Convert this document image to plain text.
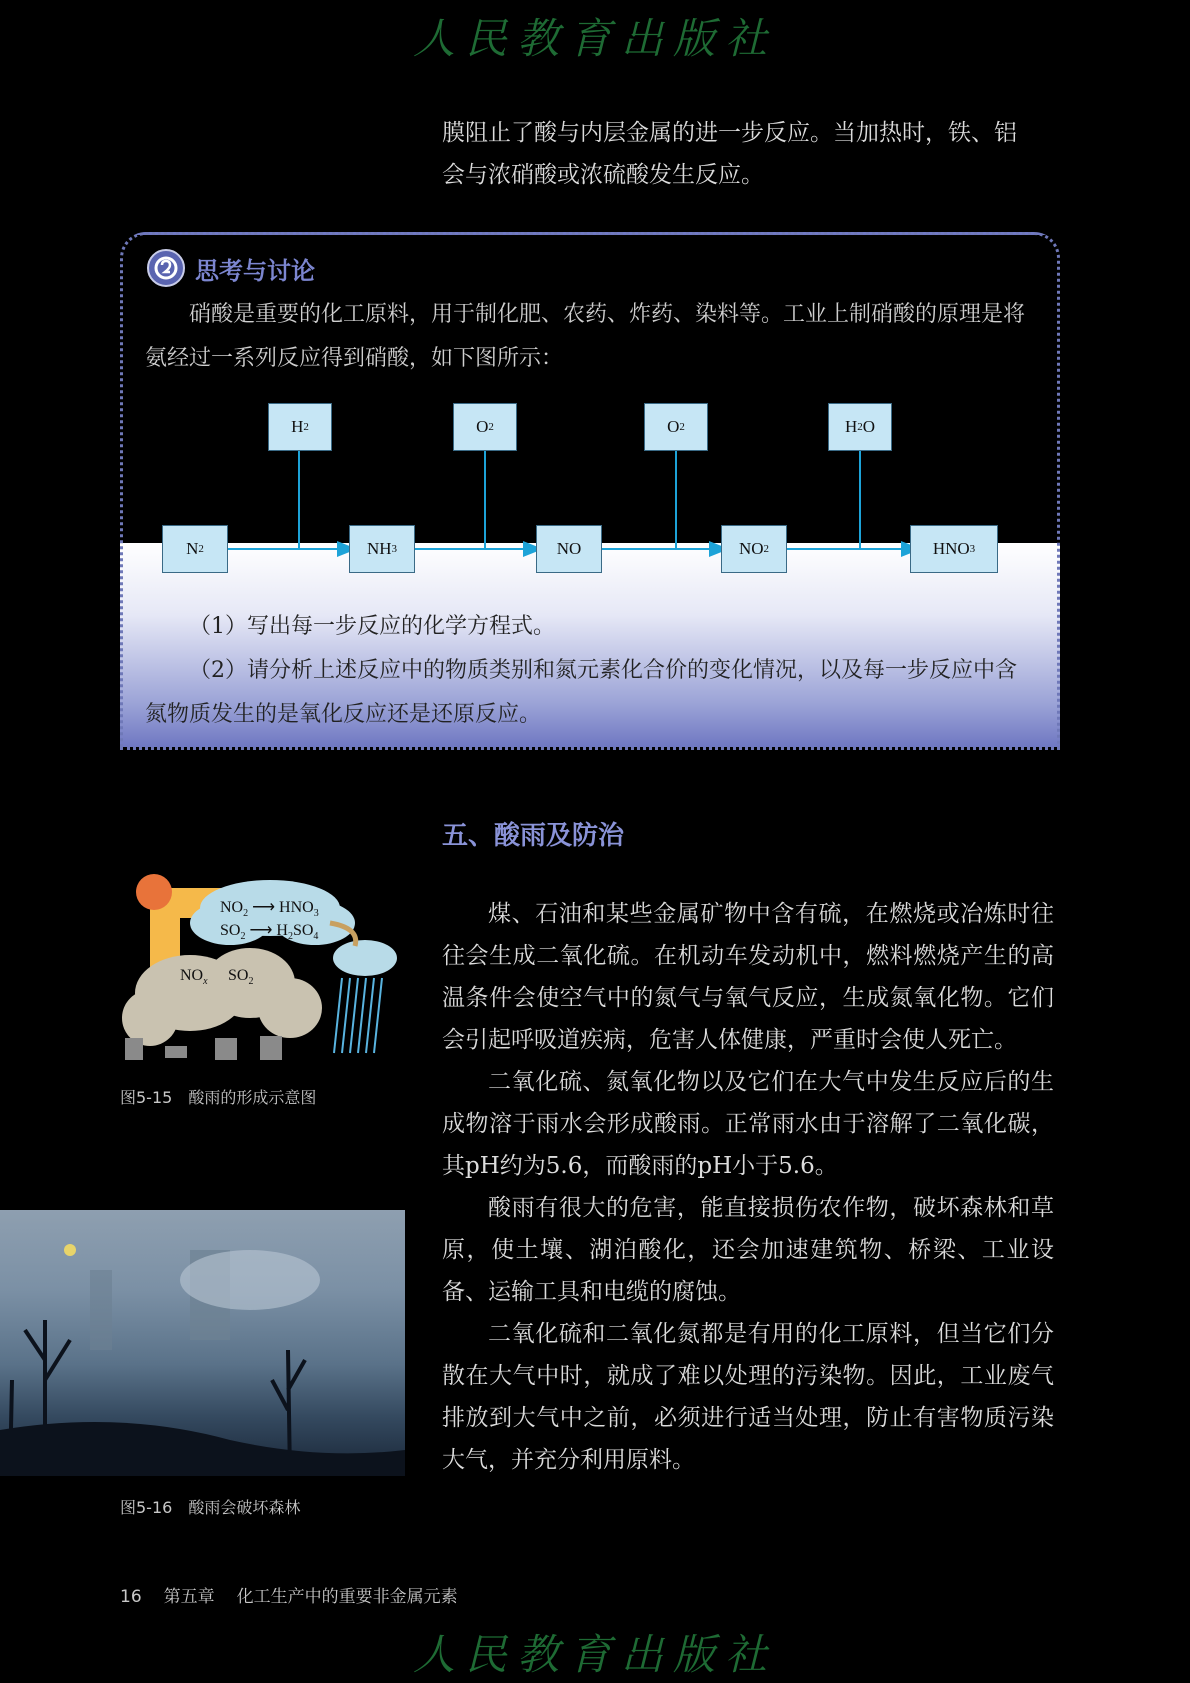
人民教育出版社

膜阻止了酸与内层金属的进一步反应。当加热时，铁、铝

会与浓硝酸或浓硫酸发生反应。

思考与讨论
硝酸是重要的化工原料，用于制化肥、农药、炸药、染料等。工业上制硝酸的原理是将氨经过一系列反应得到硝酸，如下图所示：
H 2	O 2	O 2	H 2 O
N 2	NH 3	NO	NO 2	HNO 3
（1）写出每一步反应的化学方程式。
（2）请分析上述反应中的物质类别和氮元素化合价的变化情况，以及每一步反应中含氮物质发生的是氧化反应还是还原反应。
五、酸雨及防治
$NO_2$ ⟶ $HNO_3$
$SO_2$ ⟶ $H_2SO_4$
$NO_x$ $SO_2$
图5-15　酸雨的形成示意图
图5-16　酸雨会破坏森林

煤、石油和某些金属矿物中含有硫，在燃烧或冶炼时往往会生成二氧化硫。在机动车发动机中，燃料燃烧产生的高温条件会使空气中的氮气与氧气反应，生成氮氧化物。它们会引起呼吸道疾病，危害人体健康，严重时会使人死亡。

二氧化硫、氮氧化物以及它们在大气中发生反应后的生成物溶于雨水会形成酸雨。正常雨水由于溶解了二氧化碳，其pH约为5.6，而酸雨的pH小于5.6。

酸雨有很大的危害，能直接损伤农作物，破坏森林和草原，使土壤、湖泊酸化，还会加速建筑物、桥梁、工业设备、运输工具和电缆的腐蚀。

二氧化硫和二氧化氮都是有用的化工原料，但当它们分散在大气中时，就成了难以处理的污染物。因此，工业废气排放到大气中之前，必须进行适当处理，防止有害物质污染大气，并充分利用原料。

16 第五章 化工生产中的重要非金属元素
人民教育出版社
